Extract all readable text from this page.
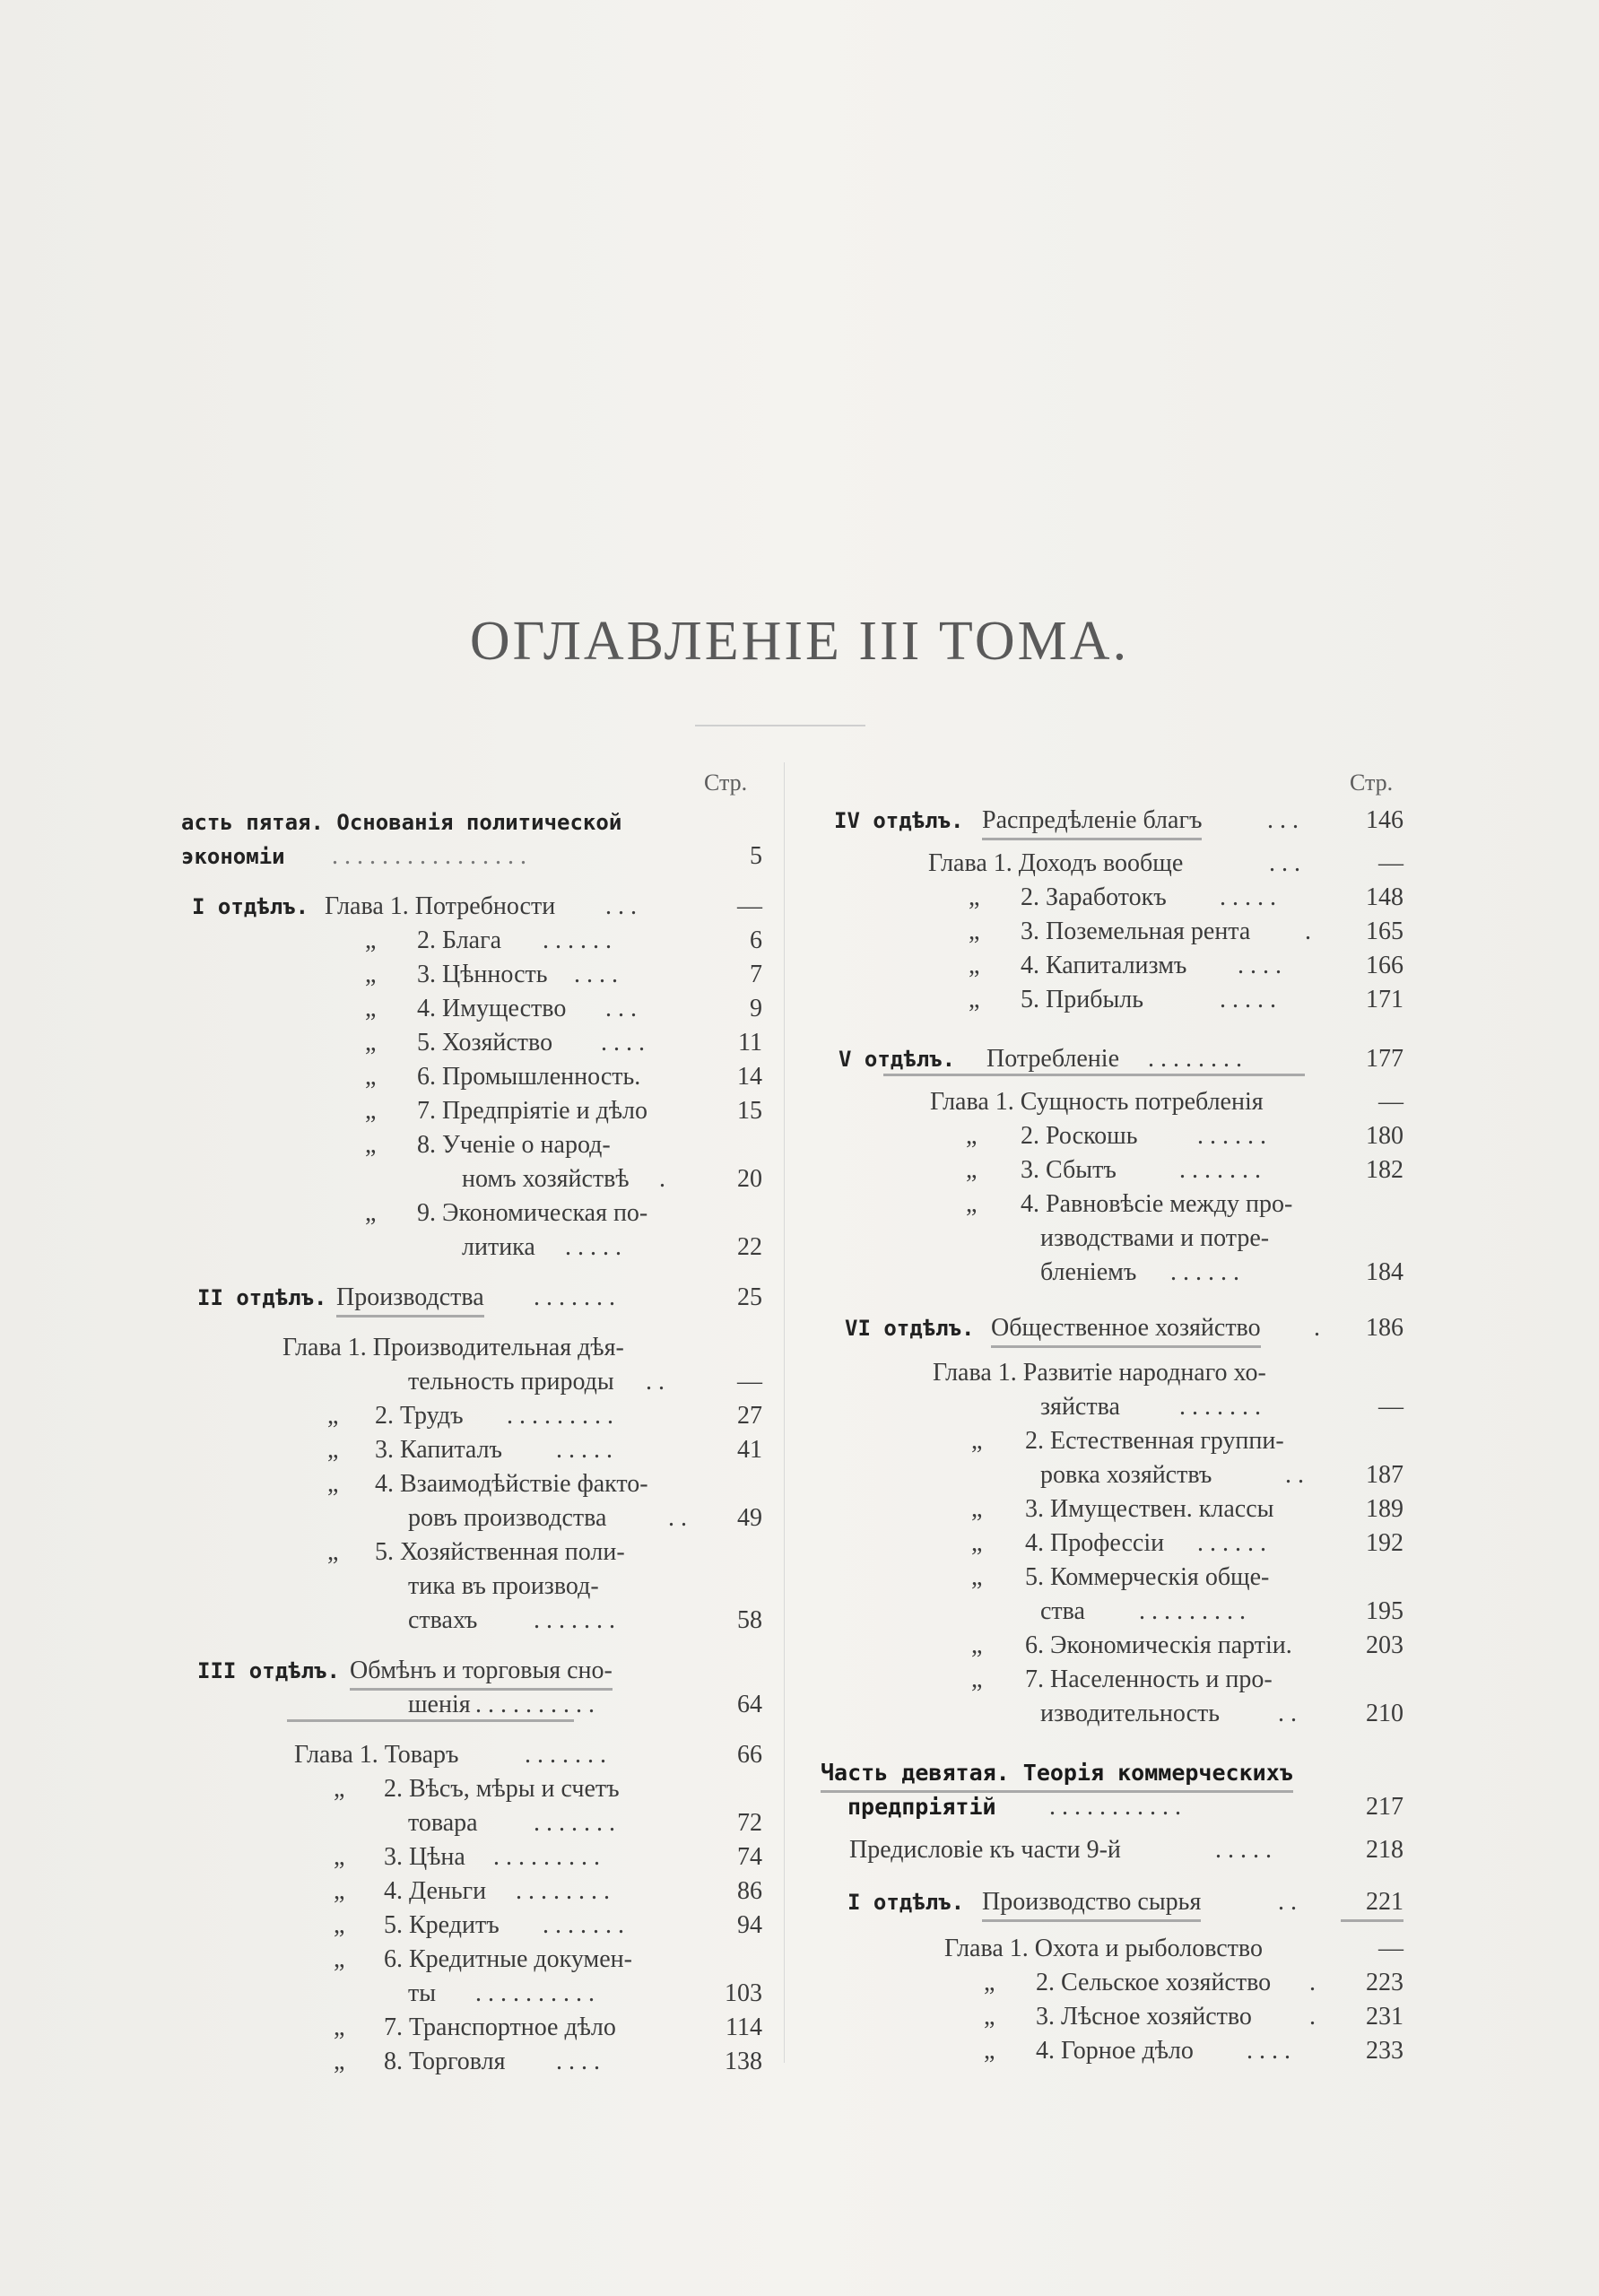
ОГЛАВЛЕНІЕ III ТОМА.
Стр.
асть пятая. Основанія политической
экономіи . . . . . . . . . . . . . . . .	5
I отдѣлъ. Глава 1. Потребности . . .	—
„ 2. Блага . . . . . .	6
„ 3. Цѣнность . . . .	7
„ 4. Имущество . . .	9
„ 5. Хозяйство . . . .	11
„ 6. Промышленность.	14
„ 7. Предпріятіе и дѣло	15
„ 8. Ученіе о народ-
номъ хозяйствѣ .	20
„ 9. Экономическая по-
литика . . . . .	22
II отдѣлъ. Производства . . . . . . .	25
Глава 1. Производительная дѣя-
тельность природы . .	—
„ 2. Трудъ . . . . . . . . .	27
„ 3. Капиталъ . . . . .	41
„ 4. Взаимодѣйствіе факто-
ровъ производства . .	49
„ 5. Хозяйственная поли-
тика въ производ-
ствахъ . . . . . . .	58
III отдѣлъ. Обмѣнъ и торговыя сно-
шенія . . . . . . . . . .	64
Глава 1. Товаръ	. . . . . . .	66
„ 2. Вѣсъ, мѣры и счетъ
товара . . . . . . .	72
„ 3. Цѣна . . . . . . . . .	74
„ 4. Деньги . . . . . . . .	86
„ 5. Кредитъ . . . . . . .	94
„ 6. Кредитные докумен-
ты . . . . . . . . . .	103
„ 7. Транспортное дѣло	114
„ 8. Торговля . . . .	138
Стр.
IV отдѣлъ. Распредѣленіе благъ	. . .	146
Глава 1. Доходъ вообще	. . .	—
„ 2. Заработокъ . . . . .	148
„ 3. Поземельная рента .	165
„ 4. Капитализмъ . . . .	166
„ 5. Прибыль	. . . . .	171
V отдѣлъ.	Потребленіе	. . . . . . . .	177
Глава 1. Сущность потребленія	—
„ 2. Роскошь . . . . . .	180
„ 3. Сбытъ	. . . . . . .	182
„ 4. Равновѣсіе между про-
изводствами и потре-
бленіемъ . . . . . .	184
VI отдѣлъ. Общественное хозяйство .	186
Глава 1. Развитіе народнаго хо-
зяйства . . . . . . .	—
„ 2. Естественная группи-
ровка хозяйствъ	. .	187
„ 3. Имуществен. классы	189
„ 4. Профессіи . . . . . .	192
„ 5. Коммерческія обще-
ства . . . . . . . . .	195
„ 6. Экономическія партіи.	203
„ 7. Населенность и про-
изводительность . .	210
Часть девятая. Теорія коммерческихъ
предпріятій . . . . . . . . . . .	217
Предисловіе къ части 9-й	. . . . .	218
I отдѣлъ. Производство сырья	. .	221
Глава 1. Охота и рыболовство	—
„ 2. Сельское хозяйство .	223
„ 3. Лѣсное хозяйство .	231
„ 4. Горное дѣло . . . .	233
